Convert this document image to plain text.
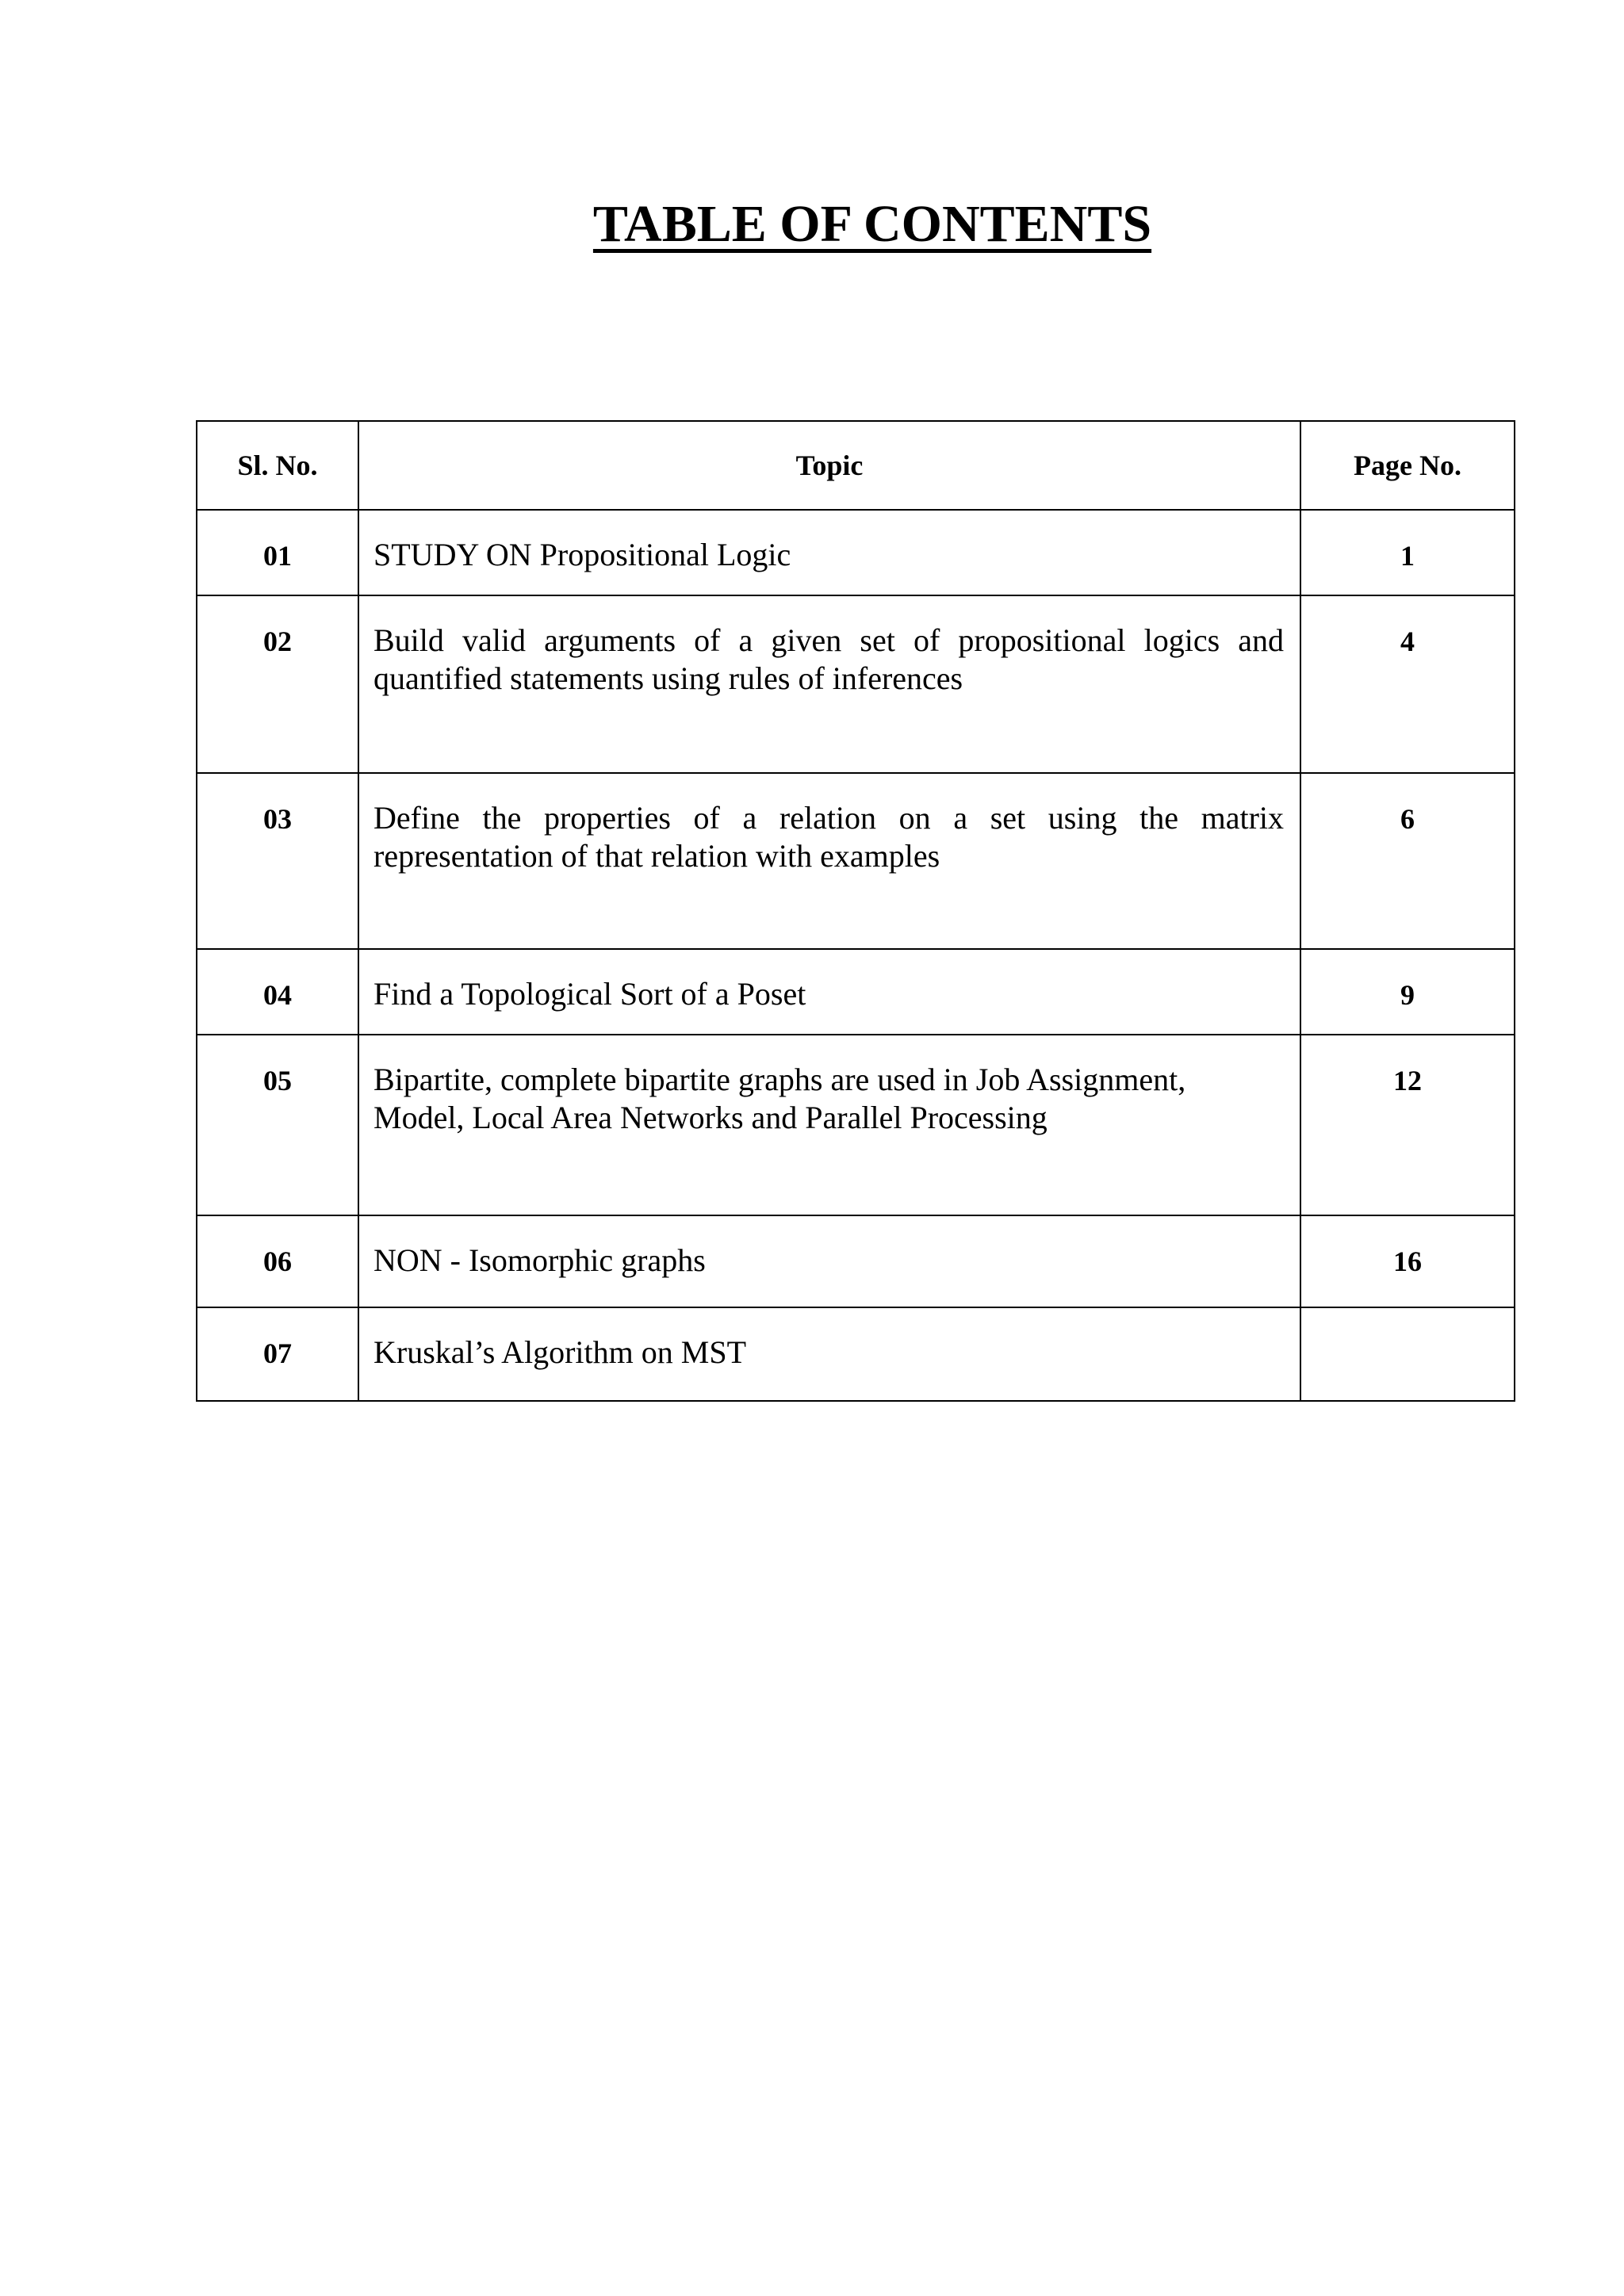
TABLE OF CONTENTS
Sl. No.	Topic	Page No.
01	STUDY ON Propositional Logic	1
02	Build valid arguments of a given set of propositional logics and quantified statements using rules of inferences	4
03	Define the properties of a relation on a set using the matrix representation of that relation with examples	6
04	Find a Topological Sort of a Poset	9
05	Bipartite, complete bipartite graphs are used in Job Assignment, Model, Local Area Networks and Parallel Processing	12
06	NON - Isomorphic graphs	16
07	Kruskal’s Algorithm on MST	
